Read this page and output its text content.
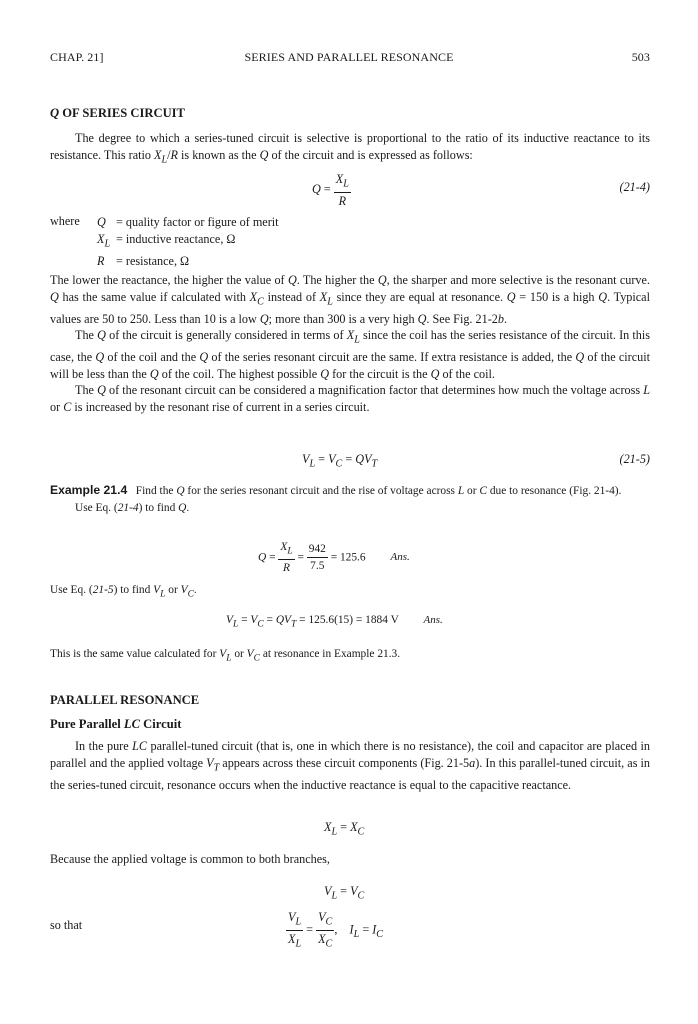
CHAP. 21]	SERIES AND PARALLEL RESONANCE	503
Q OF SERIES CIRCUIT

The degree to which a series-tuned circuit is selective is proportional to the ratio of its inductive reactance to its resistance. This ratio $X_L/R$ is known as the Q of the circuit and is expressed as follows:

$Q = \frac{X_L}{R}$	(21-4)
where Q	= quality factor or figure of merit
$X_L$	= inductive reactance, Ω
R	= resistance, Ω

The lower the reactance, the higher the value of Q. The higher the Q, the sharper and more selective is the resonant curve. Q has the same value if calculated with $X_C$ instead of $X_L$ since they are equal at resonance. Q = 150 is a high Q. Typical values are 50 to 250. Less than 10 is a low Q; more than 300 is a very high Q. See Fig. 21-2b.

The Q of the circuit is generally considered in terms of $X_L$ since the coil has the series resistance of the circuit. In this case, the Q of the coil and the Q of the series resonant circuit are the same. If extra resistance is added, the Q of the circuit will be less than the Q of the coil. The highest possible Q for the circuit is the Q of the coil.

The Q of the resonant circuit can be considered a magnification factor that determines how much the voltage across L or C is increased by the resonant rise of current in a series circuit.

$V_L = V_C = QV_T$	(21-5)

Example 21.4 Find the Q for the series resonant circuit and the rise of voltage across L or C due to resonance (Fig. 21-4).

Use Eq. (21-4) to find Q.

$Q = \frac{X_L}{R} = \frac{942}{7.5} = 125.6$ Ans.

Use Eq. (21-5) to find $V_L$ or $V_C$.

$V_L = V_C = QV_T = 125.6(15) = 1884$ V Ans.

This is the same value calculated for $V_L$ or $V_C$ at resonance in Example 21.3.

PARALLEL RESONANCE
Pure Parallel LC Circuit

In the pure LC parallel-tuned circuit (that is, one in which there is no resistance), the coil and capacitor are placed in parallel and the applied voltage $V_T$ appears across these circuit components (Fig. 21-5a). In this parallel-tuned circuit, as in the series-tuned circuit, resonance occurs when the inductive reactance is equal to the capacitive reactance.

$X_L = X_C$

Because the applied voltage is common to both branches,

$V_L = V_C$
so that	$\frac{V_L}{X_L} = \frac{V_C}{X_C}$ ,    $I_L = I_C$
